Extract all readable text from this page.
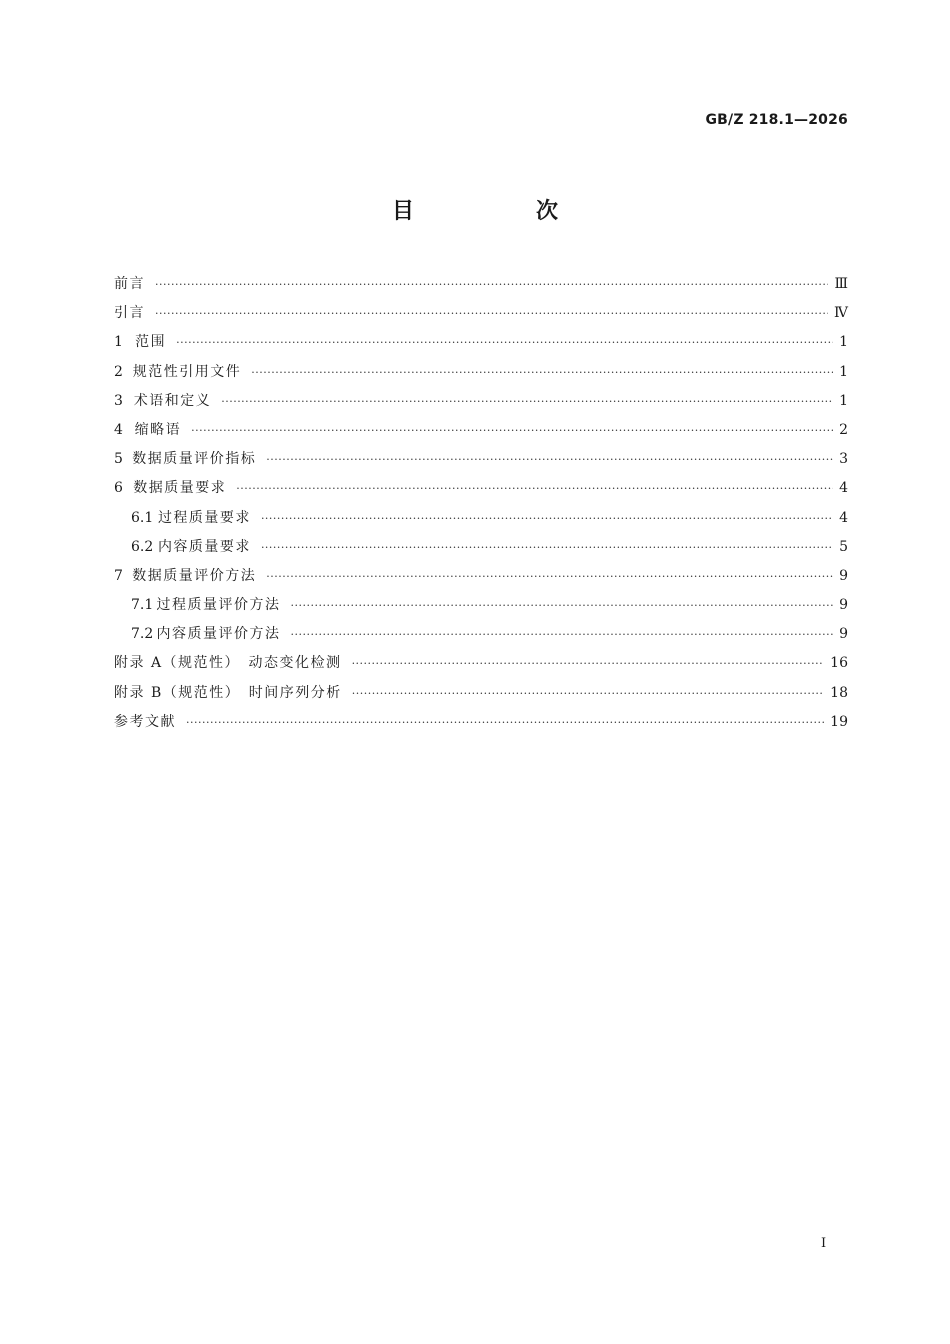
GB/Z 218.1—2026
目　次
前言 ·····	Ⅲ
引言 ·····	Ⅳ
1 范围 ·····	1
2 规范性引用文件 ·····	1
3 术语和定义 ·····	1
4 缩略语 ·····	2
5 数据质量评价指标 ·····	3
6 数据质量要求 ·····	4
6.1 过程质量要求 ·····	4
6.2 内容质量要求 ·····	5
7 数据质量评价方法 ·····	9
7.1 过程质量评价方法 ·····	9
7.2 内容质量评价方法 ·····	9
附录 A（规范性）　动态变化检测 ·····	16
附录 B（规范性）　时间序列分析 ·····	18
参考文献 ·····	19
Ⅰ
